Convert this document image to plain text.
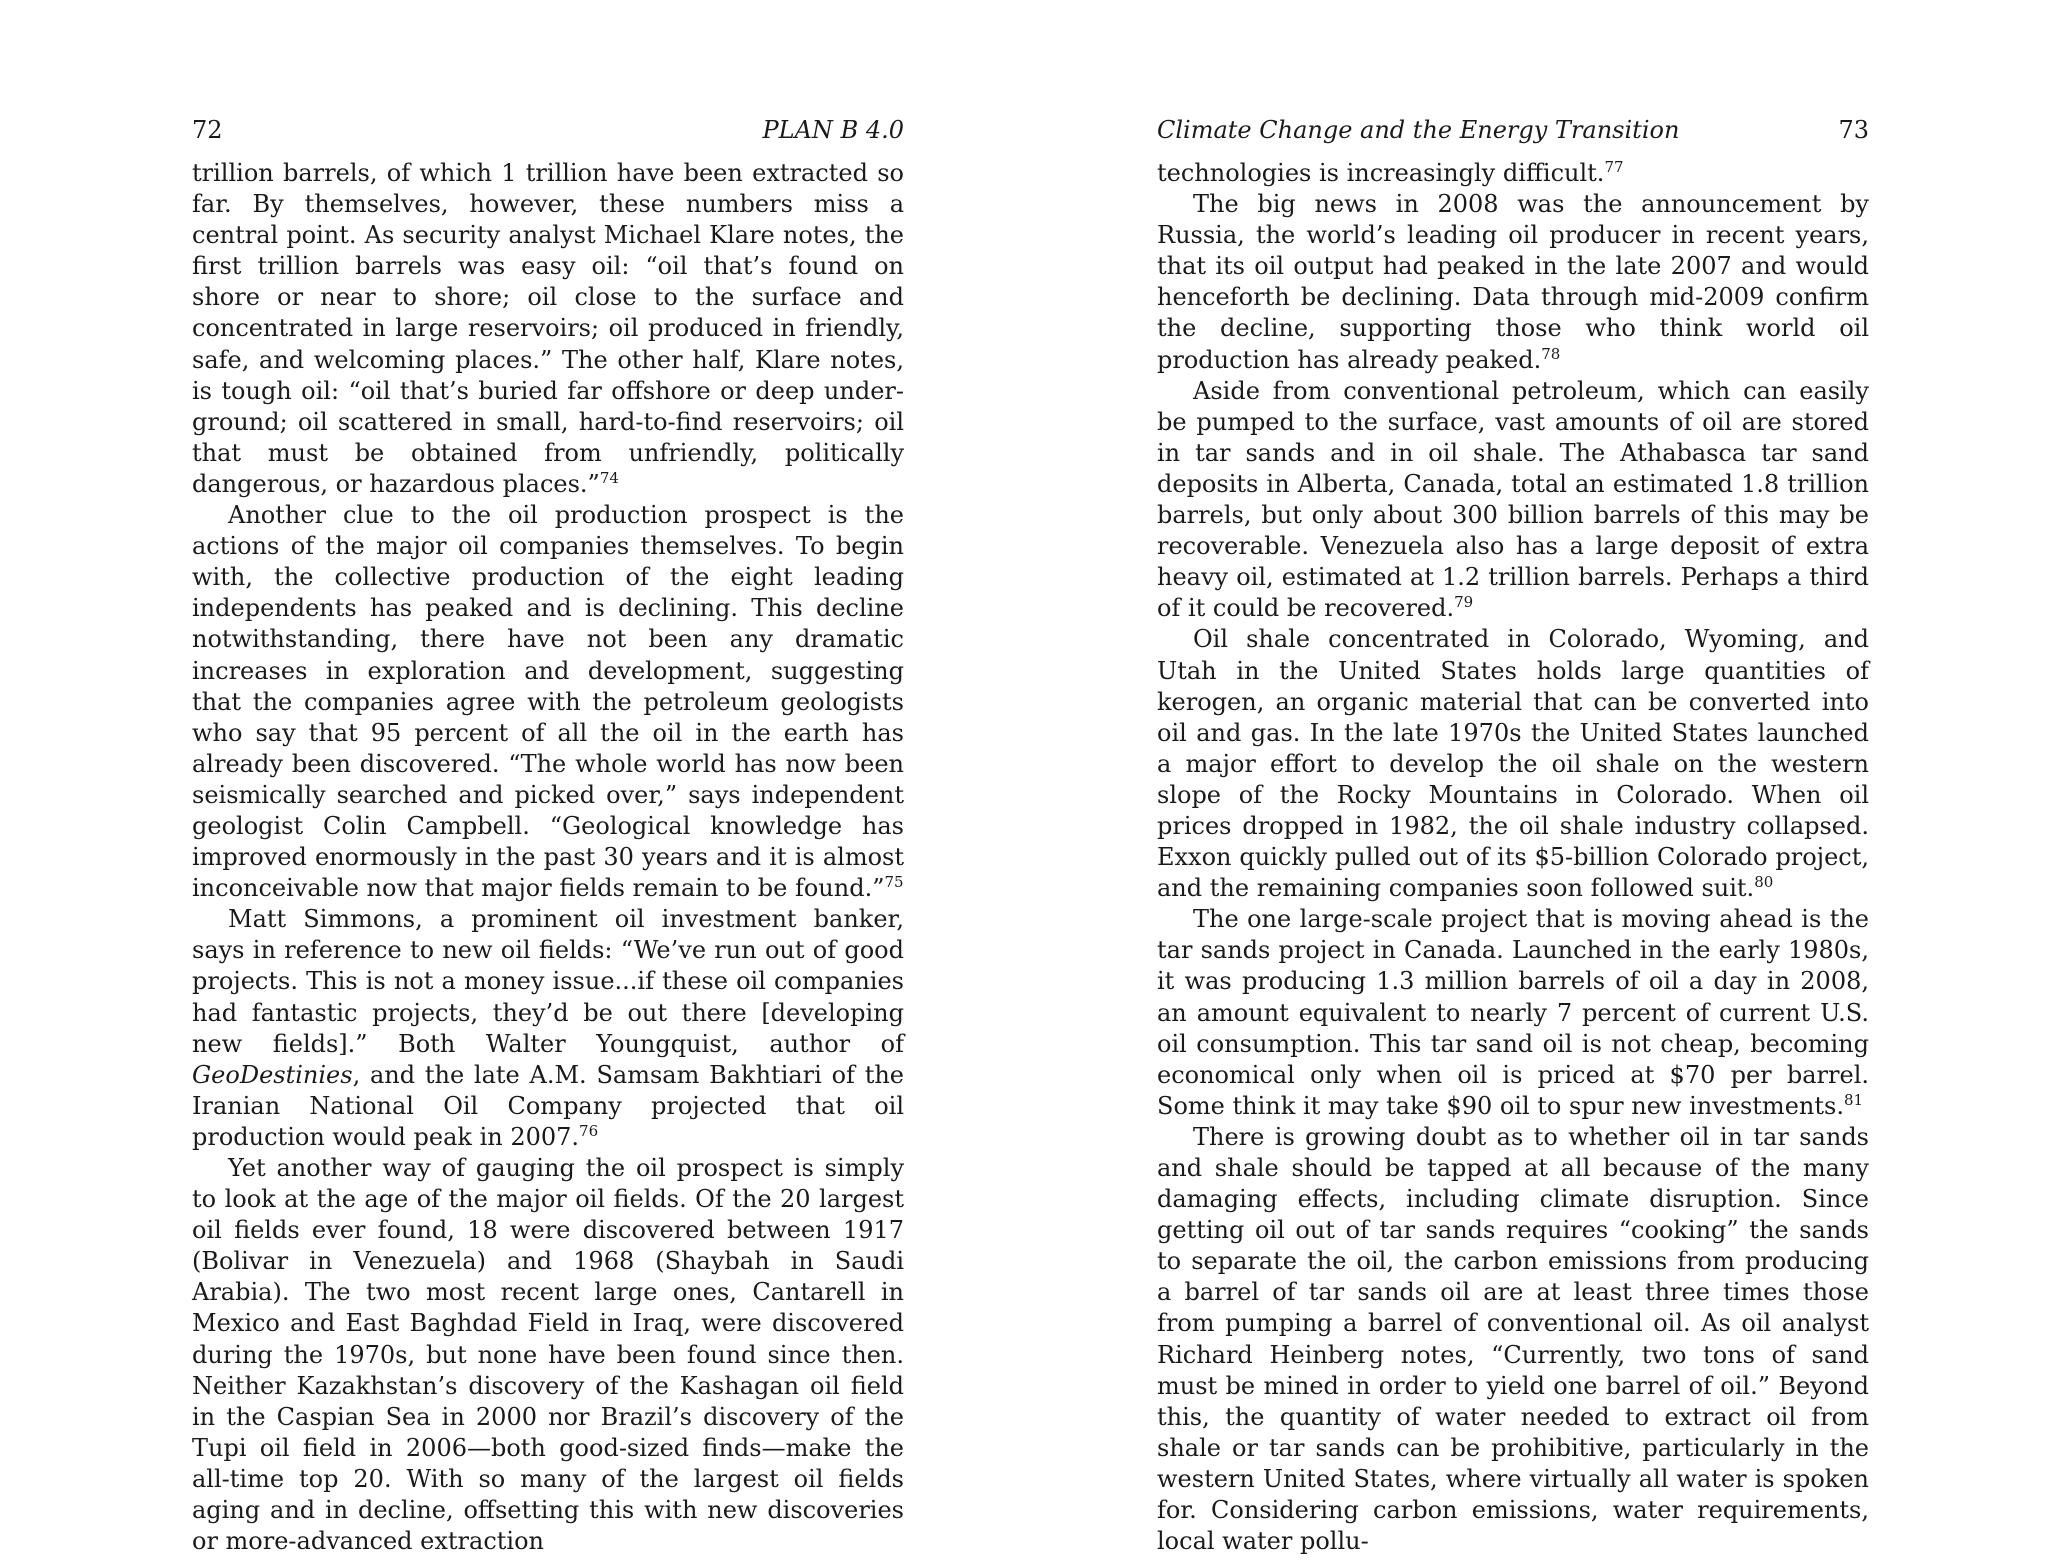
72	PLAN B 4.0

trillion barrels, of which 1 trillion have been extracted so far. By themselves, however, these numbers miss a central point. As security analyst Michael Klare notes, the first trillion barrels was easy oil: “oil that’s found on shore or near to shore; oil close to the surface and concentrated in large reservoirs; oil produced in friendly, safe, and welcoming places.” The other half, Klare notes, is tough oil: “oil that’s buried far offshore or deep underground; oil scattered in small, hard-to-find reservoirs; oil that must be obtained from unfriendly, politically dangerous, or hazardous places.”$^{74}$

Another clue to the oil production prospect is the actions of the major oil companies themselves. To begin with, the collective production of the eight leading independents has peaked and is declining. This decline notwithstanding, there have not been any dramatic increases in exploration and development, suggesting that the companies agree with the petroleum geologists who say that 95 percent of all the oil in the earth has already been discovered. “The whole world has now been seismically searched and picked over,” says independent geologist Colin Campbell. “Geological knowledge has improved enormously in the past 30 years and it is almost inconceivable now that major fields remain to be found.”$^{75}$

Matt Simmons, a prominent oil investment banker, says in reference to new oil fields: “We’ve run out of good projects. This is not a money issue...if these oil companies had fantastic projects, they’d be out there [developing new fields].” Both Walter Youngquist, author of GeoDestinies, and the late A.M. Samsam Bakhtiari of the Iranian National Oil Company projected that oil production would peak in 2007.76

Yet another way of gauging the oil prospect is simply to look at the age of the major oil fields. Of the 20 largest oil fields ever found, 18 were discovered between 1917 (Bolivar in Venezuela) and 1968 (Shaybah in Saudi Arabia). The two most recent large ones, Cantarell in Mexico and East Baghdad Field in Iraq, were discovered during the 1970s, but none have been found since then. Neither Kazakhstan’s discovery of the Kashagan oil field in the Caspian Sea in 2000 nor Brazil’s discovery of the Tupi oil field in 2006—both good-sized finds—make the all-time top 20. With so many of the largest oil fields aging and in decline, offsetting this with new discoveries or more-advanced extraction

Climate Change and the Energy Transition	73

technologies is increasingly difficult.$^{77}$

The big news in 2008 was the announcement by Russia, the world’s leading oil producer in recent years, that its oil output had peaked in the late 2007 and would henceforth be declining. Data through mid-2009 confirm the decline, supporting those who think world oil production has already peaked.$^{78}$

Aside from conventional petroleum, which can easily be pumped to the surface, vast amounts of oil are stored in tar sands and in oil shale. The Athabasca tar sand deposits in Alberta, Canada, total an estimated 1.8 trillion barrels, but only about 300 billion barrels of this may be recoverable. Venezuela also has a large deposit of extra heavy oil, estimated at 1.2 trillion barrels. Perhaps a third of it could be recovered.$^{79}$

Oil shale concentrated in Colorado, Wyoming, and Utah in the United States holds large quantities of kerogen, an organic material that can be converted into oil and gas. In the late 1970s the United States launched a major effort to develop the oil shale on the western slope of the Rocky Mountains in Colorado. When oil prices dropped in 1982, the oil shale industry collapsed. Exxon quickly pulled out of its $5-billion Colorado project, and the remaining companies soon followed suit.$^{80}$

The one large-scale project that is moving ahead is the tar sands project in Canada. Launched in the early 1980s, it was producing 1.3 million barrels of oil a day in 2008, an amount equivalent to nearly 7 percent of current U.S. oil consumption. This tar sand oil is not cheap, becoming economical only when oil is priced at $70 per barrel. Some think it may take $90 oil to spur new investments.$^{81}$

There is growing doubt as to whether oil in tar sands and shale should be tapped at all because of the many damaging effects, including climate disruption. Since getting oil out of tar sands requires “cooking” the sands to separate the oil, the carbon emissions from producing a barrel of tar sands oil are at least three times those from pumping a barrel of conventional oil. As oil analyst Richard Heinberg notes, “Currently, two tons of sand must be mined in order to yield one barrel of oil.” Beyond this, the quantity of water needed to extract oil from shale or tar sands can be prohibitive, particularly in the western United States, where virtually all water is spoken for. Considering carbon emissions, water requirements, local water pollu-
